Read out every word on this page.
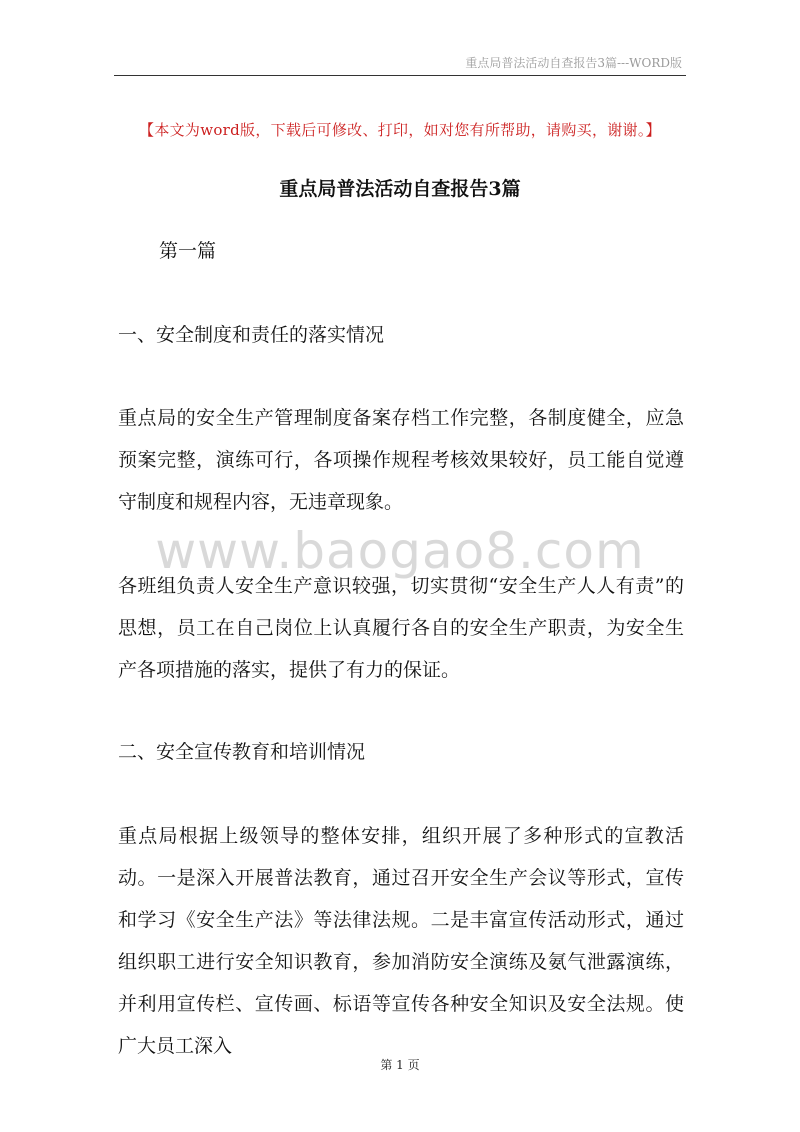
重点局普法活动自查报告3篇---WORD版
【本文为word版，下载后可修改、打印，如对您有所帮助，请购买，谢谢。】
重点局普法活动自查报告3篇

第一篇

一、安全制度和责任的落实情况

重点局的安全生产管理制度备案存档工作完整，各制度健全，应急预案完整，演练可行，各项操作规程考核效果较好，员工能自觉遵守制度和规程内容，无违章现象。

www.baogao8.com

各班组负责人安全生产意识较强，切实贯彻“安全生产人人有责”的思想，员工在自己岗位上认真履行各自的安全生产职责，为安全生产各项措施的落实，提供了有力的保证。

二、安全宣传教育和培训情况

重点局根据上级领导的整体安排，组织开展了多种形式的宣教活动。一是深入开展普法教育，通过召开安全生产会议等形式，宣传和学习《安全生产法》等法律法规。二是丰富宣传活动形式，通过组织职工进行安全知识教育，参加消防安全演练及氨气泄露演练，并利用宣传栏、宣传画、标语等宣传各种安全知识及安全法规。使广大员工深入

第 1 页
